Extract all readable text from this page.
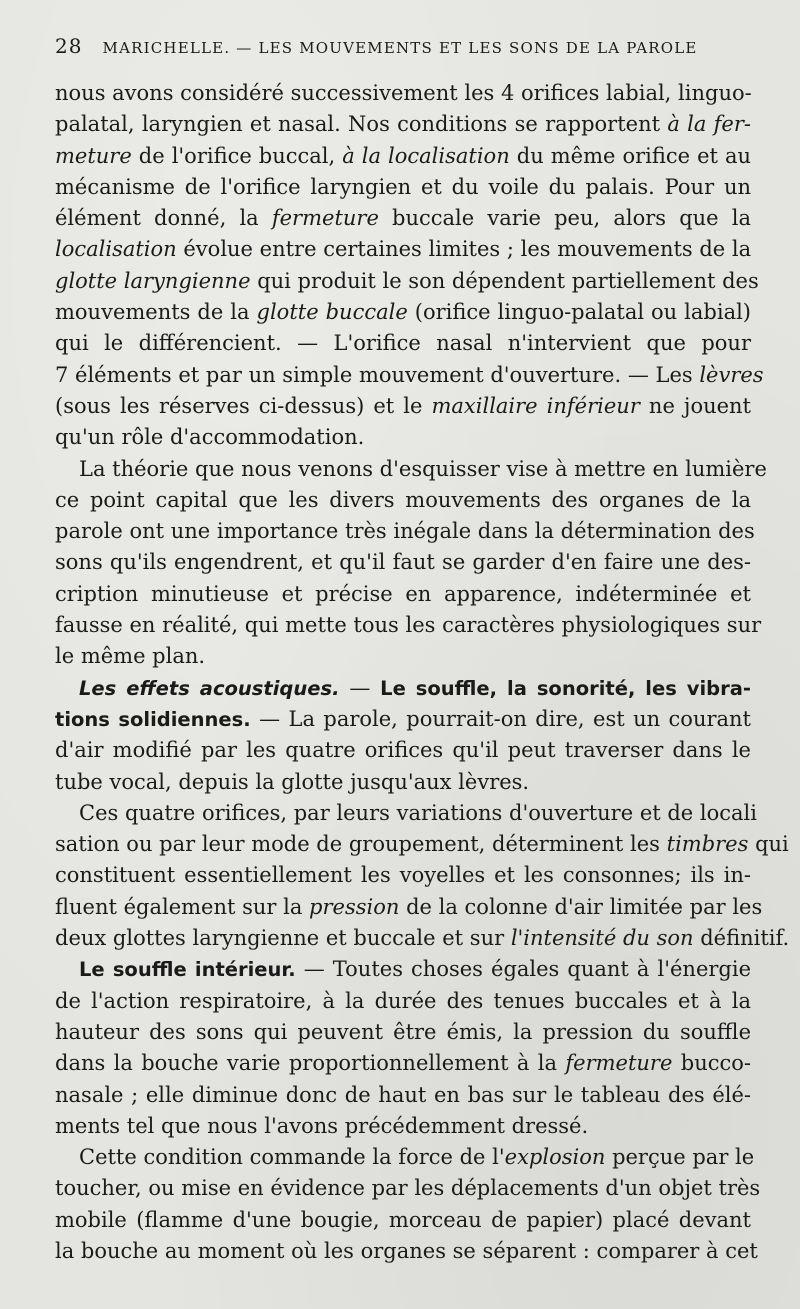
28 MARICHELLE. — LES MOUVEMENTS ET LES SONS DE LA PAROLE
nous avons considéré successivement les 4 orifices labial, linguo-
palatal, laryngien et nasal. Nos conditions se rapportent à la fer-
meture de l'orifice buccal, à la localisation du même orifice et au
mécanisme de l'orifice laryngien et du voile du palais. Pour un
élément donné, la fermeture buccale varie peu, alors que la
localisation évolue entre certaines limites ; les mouvements de la
glotte laryngienne qui produit le son dépendent partiellement des
mouvements de la glotte buccale (orifice linguo-palatal ou labial)
qui le différencient. — L'orifice nasal n'intervient que pour
7 éléments et par un simple mouvement d'ouverture. — Les lèvres
(sous les réserves ci-dessus) et le maxillaire inférieur ne jouent
qu'un rôle d'accommodation.
La théorie que nous venons d'esquisser vise à mettre en lumière
ce point capital que les divers mouvements des organes de la
parole ont une importance très inégale dans la détermination des
sons qu'ils engendrent, et qu'il faut se garder d'en faire une des-
cription minutieuse et précise en apparence, indéterminée et
fausse en réalité, qui mette tous les caractères physiologiques sur
le même plan.
Les effets acoustiques. — Le souffle, la sonorité, les vibra-
tions solidiennes. — La parole, pourrait-on dire, est un courant
d'air modifié par les quatre orifices qu'il peut traverser dans le
tube vocal, depuis la glotte jusqu'aux lèvres.
Ces quatre orifices, par leurs variations d'ouverture et de locali
sation ou par leur mode de groupement, déterminent les timbres qui
constituent essentiellement les voyelles et les consonnes; ils in-
fluent également sur la pression de la colonne d'air limitée par les
deux glottes laryngienne et buccale et sur l'intensité du son définitif.
Le souffle intérieur. — Toutes choses égales quant à l'énergie
de l'action respiratoire, à la durée des tenues buccales et à la
hauteur des sons qui peuvent être émis, la pression du souffle
dans la bouche varie proportionnellement à la fermeture bucco-
nasale ; elle diminue donc de haut en bas sur le tableau des élé-
ments tel que nous l'avons précédemment dressé.
Cette condition commande la force de l'explosion perçue par le
toucher, ou mise en évidence par les déplacements d'un objet très
mobile (flamme d'une bougie, morceau de papier) placé devant
la bouche au moment où les organes se séparent : comparer à cet
